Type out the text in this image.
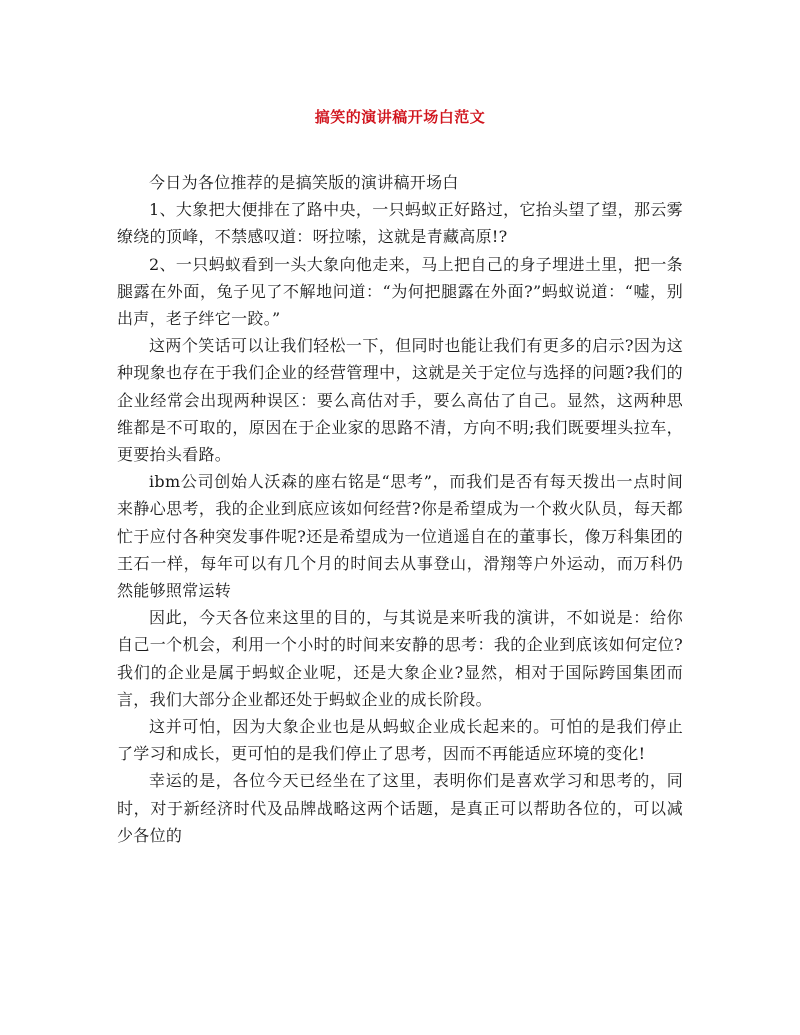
搞笑的演讲稿开场白范文

今日为各位推荐的是搞笑版的演讲稿开场白

1、大象把大便排在了路中央，一只蚂蚁正好路过，它抬头望了望，那云雾缭绕的顶峰，不禁感叹道：呀拉嗦，这就是青藏高原!?

2、一只蚂蚁看到一头大象向他走来，马上把自己的身子埋进土里，把一条腿露在外面，兔子见了不解地问道：“为何把腿露在外面?”蚂蚁说道：“嘘，别出声，老子绊它一跤。”

这两个笑话可以让我们轻松一下，但同时也能让我们有更多的启示?因为这种现象也存在于我们企业的经营管理中，这就是关于定位与选择的问题?我们的企业经常会出现两种误区：要么高估对手，要么高估了自己。显然，这两种思维都是不可取的，原因在于企业家的思路不清，方向不明;我们既要埋头拉车，更要抬头看路。

ibm公司创始人沃森的座右铭是“思考”，而我们是否有每天拨出一点时间来静心思考，我的企业到底应该如何经营?你是希望成为一个救火队员，每天都忙于应付各种突发事件呢?还是希望成为一位逍遥自在的董事长，像万科集团的王石一样，每年可以有几个月的时间去从事登山，滑翔等户外运动，而万科仍然能够照常运转

因此，今天各位来这里的目的，与其说是来听我的演讲，不如说是：给你自己一个机会，利用一个小时的时间来安静的思考：我的企业到底该如何定位?我们的企业是属于蚂蚁企业呢，还是大象企业?显然，相对于国际跨国集团而言，我们大部分企业都还处于蚂蚁企业的成长阶段。

这并可怕，因为大象企业也是从蚂蚁企业成长起来的。可怕的是我们停止了学习和成长，更可怕的是我们停止了思考，因而不再能适应环境的变化!

幸运的是，各位今天已经坐在了这里，表明你们是喜欢学习和思考的，同时，对于新经济时代及品牌战略这两个话题，是真正可以帮助各位的，可以减少各位的
